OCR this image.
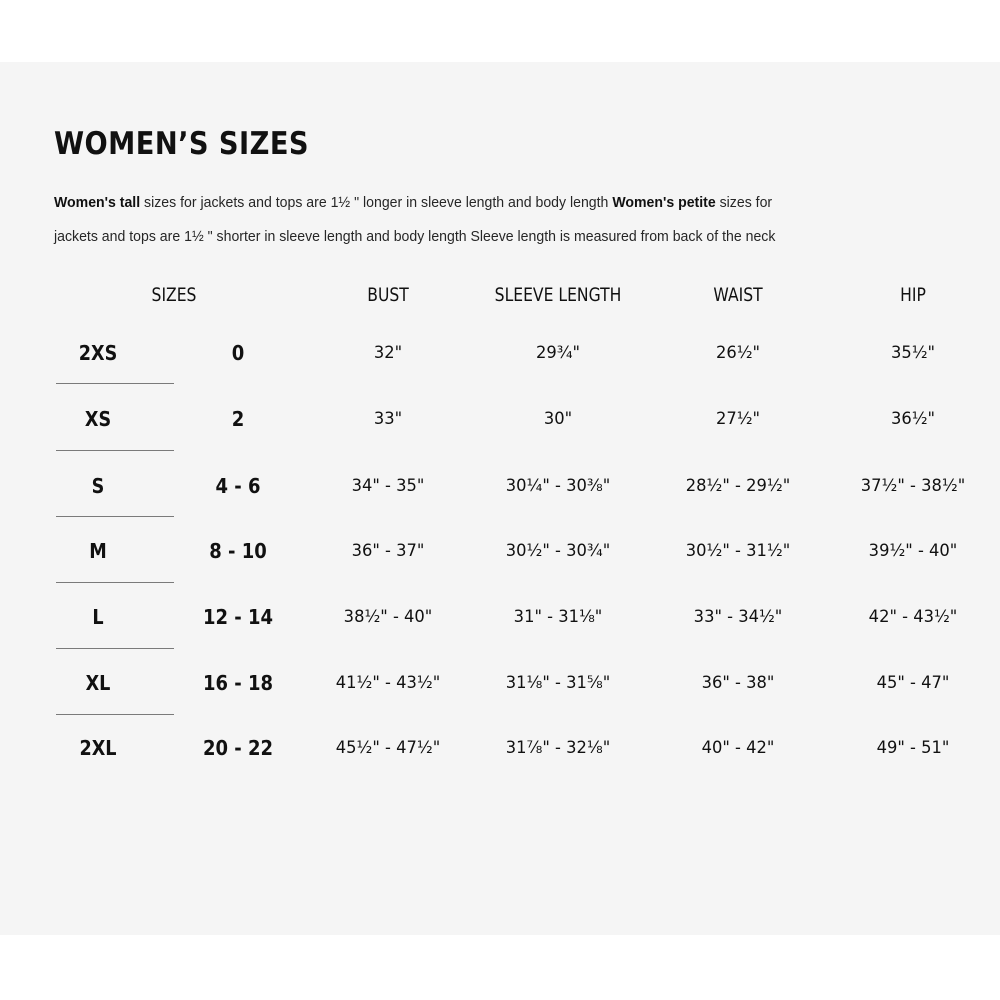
WOMEN’S SIZES
Women's tall sizes for jackets and tops are 1½ " longer in sleeve length and body length Women's petite sizes for
jackets and tops are 1½ " shorter in sleeve length and body length Sleeve length is measured from back of the neck
SIZES	BUST	SLEEVE LENGTH	WAIST	HIP
2XS	0	32"	29¾"	26½"	35½"
XS	2	33"	30"	27½"	36½"
S	4 - 6	34" - 35"	30¼" - 30⅜"	28½" - 29½"	37½" - 38½"
M	8 - 10	36" - 37"	30½" - 30¾"	30½" - 31½"	39½" - 40"
L	12 - 14	38½" - 40"	31" - 31⅛"	33" - 34½"	42" - 43½"
XL	16 - 18	41½" - 43½"	31⅛" - 31⅝"	36" - 38"	45" - 47"
2XL	20 - 22	45½" - 47½"	31⅞" - 32⅛"	40" - 42"	49" - 51"
